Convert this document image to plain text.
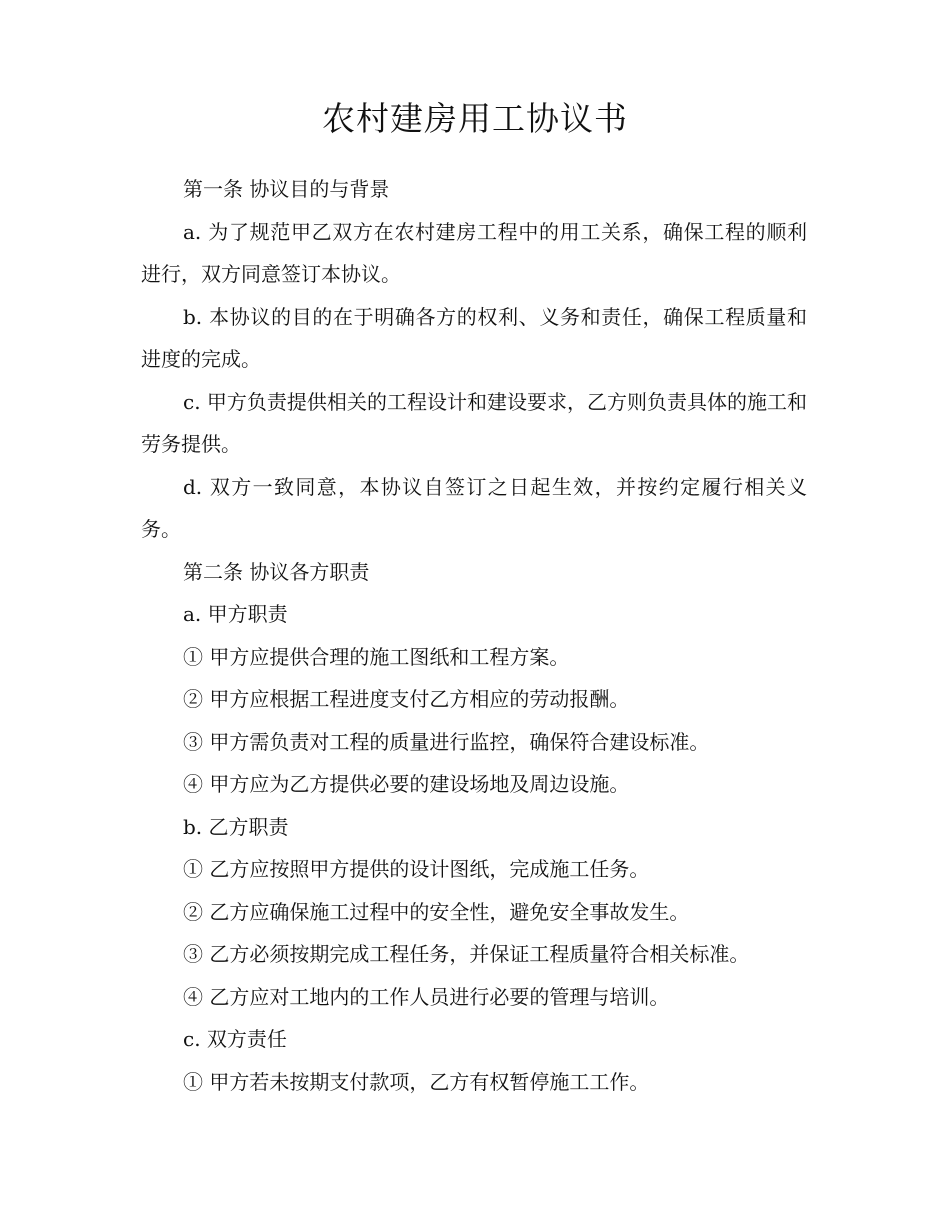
农村建房用工协议书
第一条 协议目的与背景
a. 为了规范甲乙双方在农村建房工程中的用工关系，确保工程的顺利进行，双方同意签订本协议。
b. 本协议的目的在于明确各方的权利、义务和责任，确保工程质量和进度的完成。
c. 甲方负责提供相关的工程设计和建设要求，乙方则负责具体的施工和劳务提供。
d. 双方一致同意，本协议自签订之日起生效，并按约定履行相关义务。
第二条 协议各方职责
a. 甲方职责
① 甲方应提供合理的施工图纸和工程方案。
② 甲方应根据工程进度支付乙方相应的劳动报酬。
③ 甲方需负责对工程的质量进行监控，确保符合建设标准。
④ 甲方应为乙方提供必要的建设场地及周边设施。
b. 乙方职责
① 乙方应按照甲方提供的设计图纸，完成施工任务。
② 乙方应确保施工过程中的安全性，避免安全事故发生。
③ 乙方必须按期完成工程任务，并保证工程质量符合相关标准。
④ 乙方应对工地内的工作人员进行必要的管理与培训。
c. 双方责任
① 甲方若未按期支付款项，乙方有权暂停施工工作。
